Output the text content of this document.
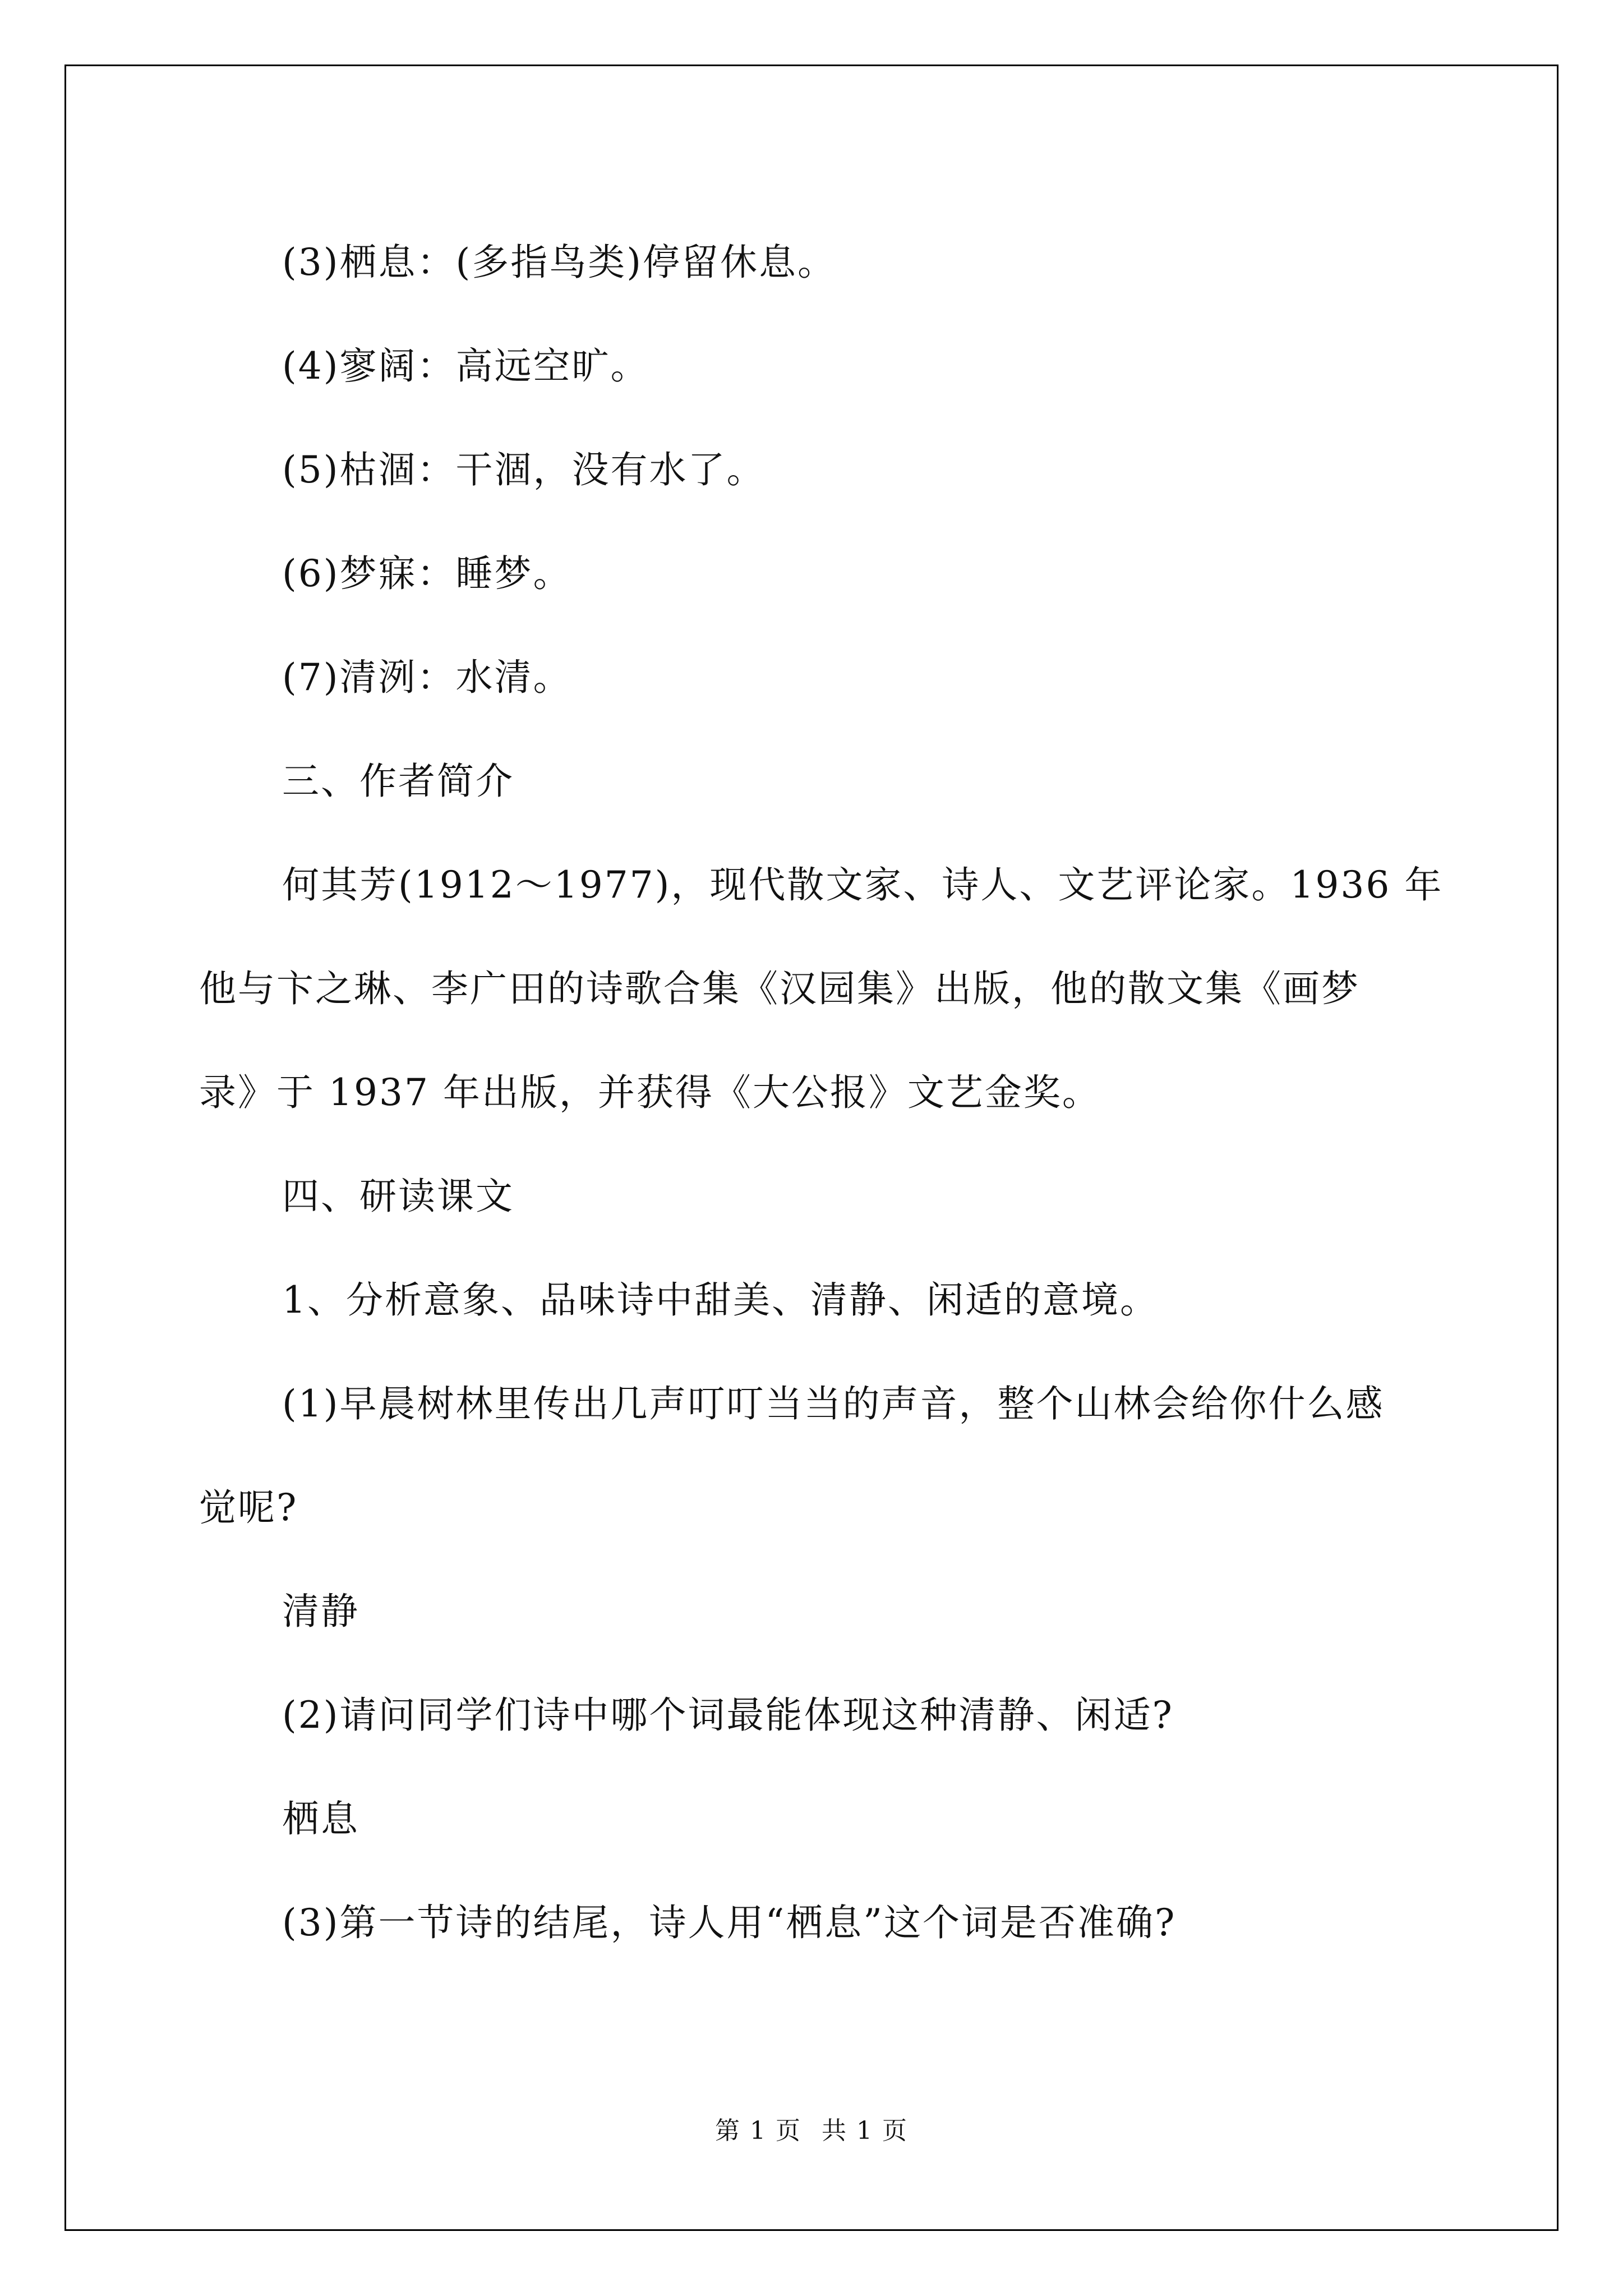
(3)栖息：(多指鸟类)停留休息。
(4)寥阔：高远空旷。
(5)枯涸：干涸，没有水了。
(6)梦寐：睡梦。
(7)清洌：水清。
三、作者简介
何其芳(1912～1977)，现代散文家、诗人、文艺评论家。1936 年
他与卞之琳、李广田的诗歌合集《汉园集》出版，他的散文集《画梦
录》于 1937 年出版，并获得《大公报》文艺金奖。
四、研读课文
1、分析意象、品味诗中甜美、清静、闲适的意境。
(1)早晨树林里传出几声叮叮当当的声音，整个山林会给你什么感
觉呢?
清静
(2)请问同学们诗中哪个词最能体现这种清静、闲适?
栖息
(3)第一节诗的结尾，诗人用“栖息”这个词是否准确?
第 1 页 共 1 页
